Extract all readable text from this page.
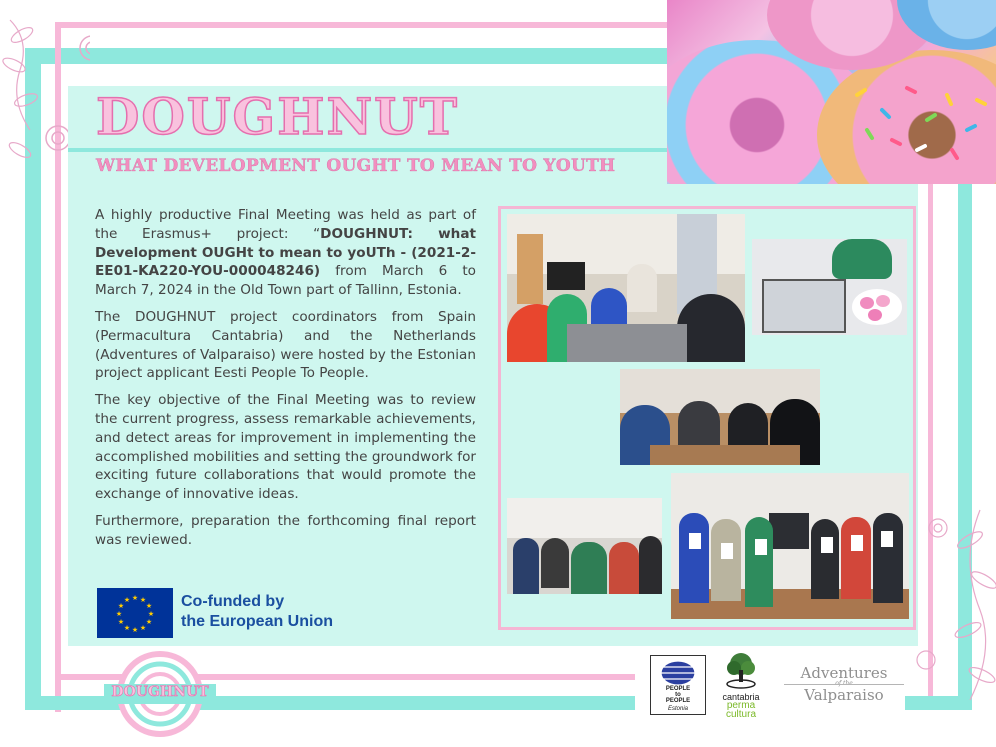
DOUGHNUT
WHAT DEVELOPMENT OUGHT TO MEAN TO YOUTH

A highly productive Final Meeting was held as part of the Erasmus+ project: “DOUGHNUT: what Development OUGHt to mean to yoUTh - (2021-2-EE01-KA220-YOU-000048246) from March 6 to March 7, 2024 in the Old Town part of Tallinn, Estonia.

The DOUGHNUT project coordinators from Spain (Permacultura Cantabria) and the Netherlands (Adventures of Valparaiso) were hosted by the Estonian project applicant Eesti People To People.

The key objective of the Final Meeting was to review the current progress, assess remarkable achievements, and detect areas for improvement in implementing the accomplished mobilities and setting the groundwork for exciting future collaborations that would promote the exchange of innovative ideas.

Furthermore, preparation the forthcoming final report was reviewed.

★ ★
★
★
★
★
★
★
★
★
★
★	Co-funded by
the European Union
DOUGHNUT	PEOPLE
to
PEOPLE
Estonia
cantabria
perma
cultura
Adventures
Valparaiso
